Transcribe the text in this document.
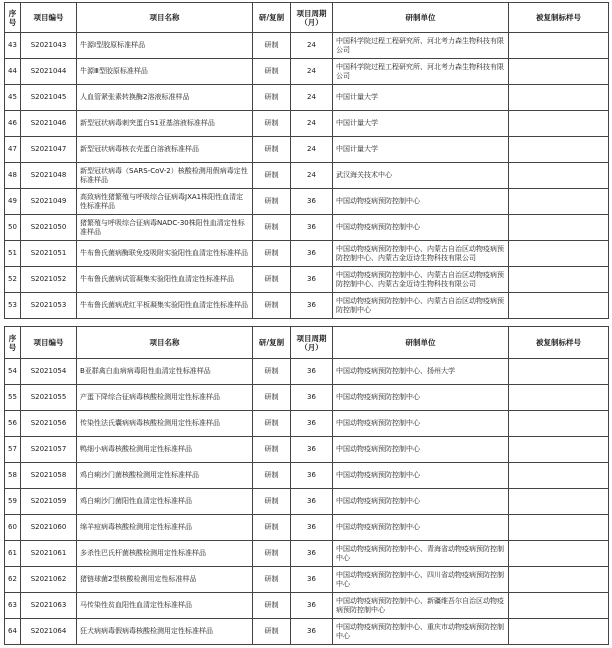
序号	项目编号	项目名称	研/复制	项目周期（月）	研制单位	被复制标样号
43	S2021043	牛源Ⅰ型胶原标准样品	研制	24	中国科学院过程工程研究所、河北考力森生物科技有限公司	
44	S2021044	牛源Ⅲ型胶原标准样品	研制	24	中国科学院过程工程研究所、河北考力森生物科技有限公司	
45	S2021045	人血管紧张素转换酶2溶液标准样品	研制	24	中国计量大学	
46	S2021046	新型冠状病毒刺突蛋白S1亚基溶液标准样品	研制	24	中国计量大学	
47	S2021047	新型冠状病毒核衣壳蛋白溶液标准样品	研制	24	中国计量大学	
48	S2021048	新型冠状病毒（SARS-CoV-2）核酸检测用假病毒定性标准样品	研制	24	武汉海关技术中心	
49	S2021049	高致病性猪繁殖与呼吸综合征病毒JXA1株阳性血清定性标准样品	研制	36	中国动物疫病预防控制中心	
50	S2021050	猪繁殖与呼吸综合征病毒NADC-30株阳性血清定性标准样品	研制	36	中国动物疫病预防控制中心	
51	S2021051	牛布鲁氏菌病酶联免疫吸附实验阳性血清定性标准样品	研制	36	中国动物疫病预防控制中心、内蒙古自治区动物疫病预防控制中心、内蒙古金迈诗生物科技有限公司	
52	S2021052	牛布鲁氏菌病试管凝集实验阳性血清定性标准样品	研制	36	中国动物疫病预防控制中心、内蒙古自治区动物疫病预防控制中心、内蒙古金迈诗生物科技有限公司	
53	S2021053	牛布鲁氏菌病虎红平板凝集实验阳性血清定性标准样品	研制	36	中国动物疫病预防控制中心、内蒙古自治区动物疫病预防控制中心	
序号	项目编号	项目名称	研/复制	项目周期（月）	研制单位	被复制标样号
54	S2021054	B亚群禽白血病病毒阳性血清定性标准样品	研制	36	中国动物疫病预防控制中心、扬州大学	
55	S2021055	产蛋下降综合征病毒核酸检测用定性标准样品	研制	36	中国动物疫病预防控制中心	
56	S2021056	传染性法氏囊病病毒核酸检测用定性标准样品	研制	36	中国动物疫病预防控制中心	
57	S2021057	鸭细小病毒核酸检测用定性标准样品	研制	36	中国动物疫病预防控制中心	
58	S2021058	鸡白痢沙门菌核酸检测用定性标准样品	研制	36	中国动物疫病预防控制中心	
59	S2021059	鸡白痢沙门菌阳性血清定性标准样品	研制	36	中国动物疫病预防控制中心	
60	S2021060	绵羊痘病毒核酸检测用定性标准样品	研制	36	中国动物疫病预防控制中心	
61	S2021061	多杀性巴氏杆菌核酸检测用定性标准样品	研制	36	中国动物疫病预防控制中心、青海省动物疫病预防控制中心	
62	S2021062	猪链球菌2型核酸检测用定性标准样品	研制	36	中国动物疫病预防控制中心、四川省动物疫病预防控制中心	
63	S2021063	马传染性贫血阳性血清定性标准样品	研制	36	中国动物疫病预防控制中心、新疆维吾尔自治区动物疫病预防控制中心	
64	S2021064	狂犬病病毒假病毒核酸检测用定性标准样品	研制	36	中国动物疫病预防控制中心、重庆市动物疫病预防控制中心	
